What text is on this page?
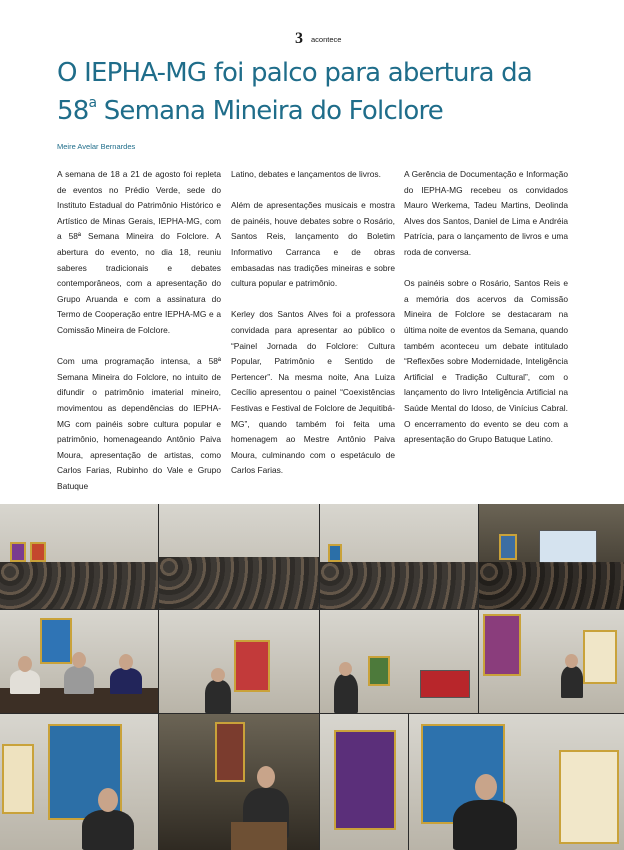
3 acontece
O IEPHA-MG foi palco para abertura da
58$^a$ Semana Mineira do Folclore
Meire Avelar Bernardes

A semana de 18 a 21 de agosto foi repleta de eventos no Prédio Verde, sede do Instituto Estadual do Patrimônio Histórico e Artístico de Minas Gerais, IEPHA-MG, com a 58ª Semana Mineira do Folclore. A abertura do evento, no dia 18, reuniu saberes tradicionais e debates contemporâneos, com a apresentação do Grupo Aruanda e com a assinatura do Termo de Cooperação entre IEPHA-MG e a Comissão Mineira de Folclore.

Com uma programação intensa, a 58ª Semana Mineira do Folclore, no intuito de difundir o patrimônio imaterial mineiro, movimentou as dependências do IEPHA-MG com painéis sobre cultura popular e patrimônio, homenageando Antônio Paiva Moura, apresentação de artistas, como Carlos Farias, Rubinho do Vale e Grupo Batuque

Latino, debates e lançamentos de livros.

Além de apresentações musicais e mostra de painéis, houve debates sobre o Rosário, Santos Reis, lançamento do Boletim Informativo Carranca e de obras embasadas nas tradições mineiras e sobre cultura popular e patrimônio.

Kerley dos Santos Alves foi a professora convidada para apresentar ao público o “Painel Jornada do Folclore: Cultura Popular, Patrimônio e Sentido de Pertencer”. Na mesma noite, Ana Luiza Cecílio apresentou o painel “Coexistências Festivas e Festival de Folclore de Jequitibá-MG”, quando também foi feita uma homenagem ao Mestre Antônio Paiva Moura, culminando com o espetáculo de Carlos Farias.

A Gerência de Documentação e Informação do IEPHA-MG recebeu os convidados Mauro Werkema, Tadeu Martins, Deolinda Alves dos Santos, Daniel de Lima e Andréia Patrícia, para o lançamento de livros e uma roda de conversa.

Os painéis sobre o Rosário, Santos Reis e a memória dos acervos da Comissão Mineira de Folclore se destacaram na última noite de eventos da Semana, quando também aconteceu um debate intitulado “Reflexões sobre Modernidade, Inteligência Artificial e Tradição Cultural”, com o lançamento do livro Inteligência Artificial na Saúde Mental do Idoso, de Vinícius Cabral. O encerramento do evento se deu com a apresentação do Grupo Batuque Latino.
